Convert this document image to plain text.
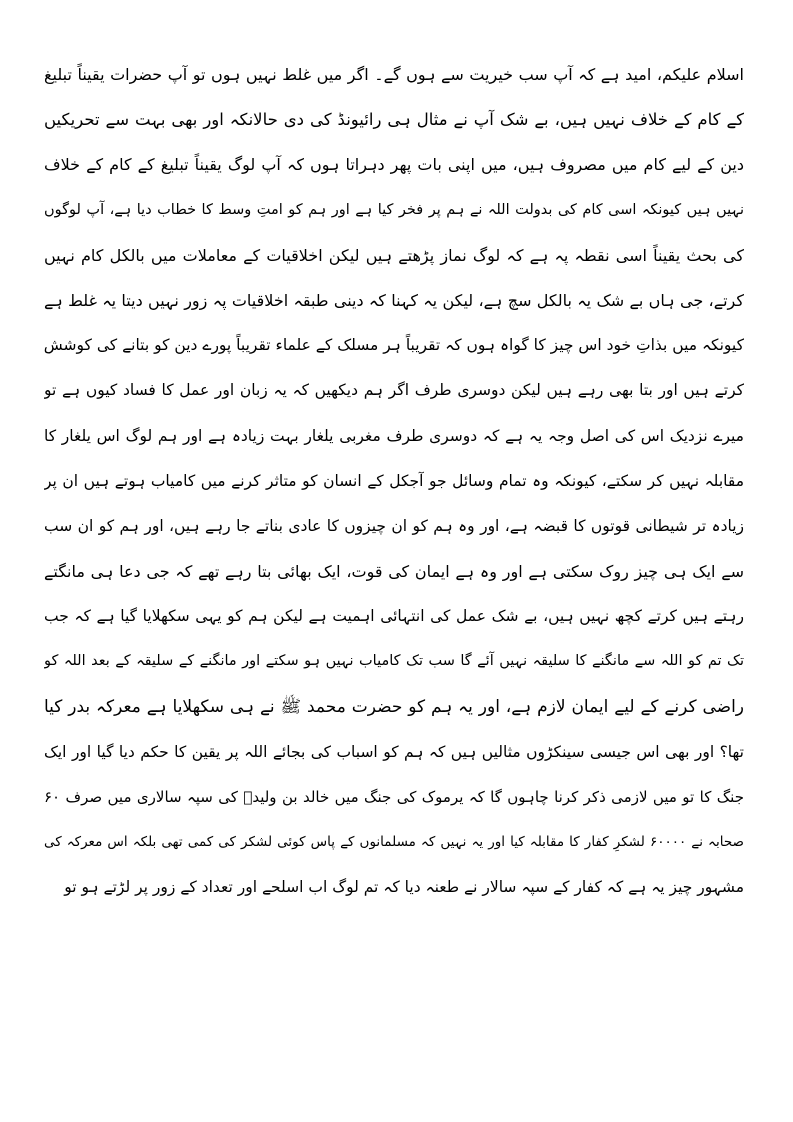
اسلام علیکم، امید ہے کہ آپ سب خیریت سے ہوں گے۔ اگر میں غلط نہیں ہوں تو آپ حضرات یقیناً تبلیغ
کے کام کے خلاف نہیں ہیں، بے شک آپ نے مثال ہی رائیونڈ کی دی حالانکہ اور بھی بہت سے تحریکیں
دین کے لیے کام میں مصروف ہیں، میں اپنی بات پھر دہراتا ہوں کہ آپ لوگ یقیناً تبلیغ کے کام کے خلاف
نہیں ہیں کیونکہ اسی کام کی بدولت اللہ نے ہم پر فخر کیا ہے اور ہم کو امتِ وسط کا خطاب دیا ہے، آپ لوگوں
کی بحث یقیناً اسی نقطہ پہ ہے کہ لوگ نماز پڑھتے ہیں لیکن اخلاقیات کے معاملات میں بالکل کام نہیں
کرتے، جی ہاں بے شک یہ بالکل سچ ہے، لیکن یہ کہنا کہ دینی طبقہ اخلاقیات پہ زور نہیں دیتا یہ غلط ہے
کیونکہ میں بذاتِ خود اس چیز کا گواہ ہوں کہ تقریباً ہر مسلک کے علماء تقریباً پورے دین کو بتانے کی کوشش
کرتے ہیں اور بتا بھی رہے ہیں لیکن دوسری طرف اگر ہم دیکھیں کہ یہ زبان اور عمل کا فساد کیوں ہے تو
میرے نزدیک اس کی اصل وجہ یہ ہے کہ دوسری طرف مغربی یلغار بہت زیادہ ہے اور ہم لوگ اس یلغار کا
مقابلہ نہیں کر سکتے، کیونکہ وہ تمام وسائل جو آجکل کے انسان کو متاثر کرنے میں کامیاب ہوتے ہیں ان پر
زیادہ تر شیطانی قوتوں کا قبضہ ہے، اور وہ ہم کو ان چیزوں کا عادی بناتے جا رہے ہیں، اور ہم کو ان سب
سے ایک ہی چیز روک سکتی ہے اور وہ ہے ایمان کی قوت، ایک بھائی بتا رہے تھے کہ جی دعا ہی مانگتے
رہتے ہیں کرتے کچھ نہیں ہیں، بے شک عمل کی انتہائی اہمیت ہے لیکن ہم کو یہی سکھلایا گیا ہے کہ جب
تک تم کو اللہ سے مانگنے کا سلیقہ نہیں آئے گا سب تک کامیاب نہیں ہو سکتے اور مانگنے کے سلیقہ کے بعد اللہ کو
راضی کرنے کے لیے ایمان لازم ہے، اور یہ ہم کو حضرت محمد ﷺ نے ہی سکھلایا ہے معرکہ بدر کیا
تھا؟ اور بھی اس جیسی سینکڑوں مثالیں ہیں کہ ہم کو اسباب کی بجائے اللہ پر یقین کا حکم دیا گیا اور ایک
جنگ کا تو میں لازمی ذکر کرنا چاہوں گا کہ یرموک کی جنگ میں خالد بن ولیدؓ کی سپہ سالاری میں صرف ۶۰
صحابہ نے ۶۰۰۰۰ لشکرِ کفار کا مقابلہ کیا اور یہ نہیں کہ مسلمانوں کے پاس کوئی لشکر کی کمی تھی بلکہ اس معرکہ کی
مشہور چیز یہ ہے کہ کفار کے سپہ سالار نے طعنہ دیا کہ تم لوگ اب اسلحے اور تعداد کے زور پر لڑتے ہو تو
